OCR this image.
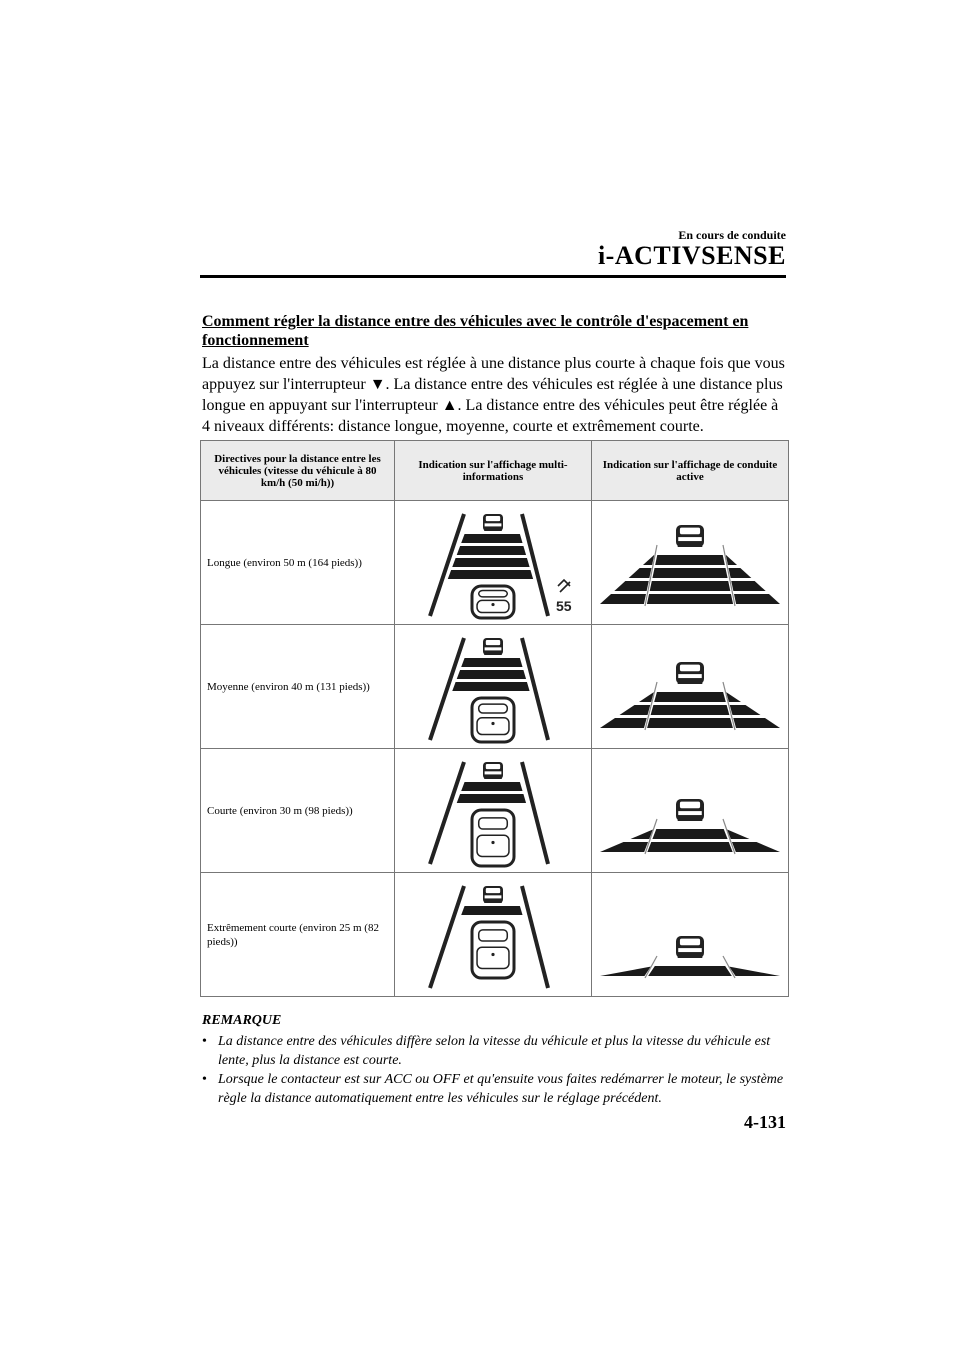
En cours de conduite
i-ACTIVSENSE
Comment régler la distance entre des véhicules avec le contrôle d'espacement en fonctionnement
La distance entre des véhicules est réglée à une distance plus courte à chaque fois que vous appuyez sur l'interrupteur ▼. La distance entre des véhicules est réglée à une distance plus longue en appuyant sur l'interrupteur ▲. La distance entre des véhicules peut être réglée à 4 niveaux différents: distance longue, moyenne, courte et extrêmement courte.
Directives pour la distance entre les véhicules (vitesse du véhicule à 80 km/h (50 mi/h))	Indication sur l'affichage multi-informations	Indication sur l'affichage de conduite active
Longue (environ 50 m (164 pieds))	55

Moyenne (environ 40 m (131 pieds))	

Courte (environ 30 m (98 pieds))	

Extrêmement courte (environ 25 m (82 pieds))	

REMARQUE
• La distance entre des véhicules diffère selon la vitesse du véhicule et plus la vitesse du véhicule est lente, plus la distance est courte.
• Lorsque le contacteur est sur ACC ou OFF et qu'ensuite vous faites redémarrer le moteur, le système règle la distance automatiquement entre les véhicules sur le réglage précédent.
4-131
